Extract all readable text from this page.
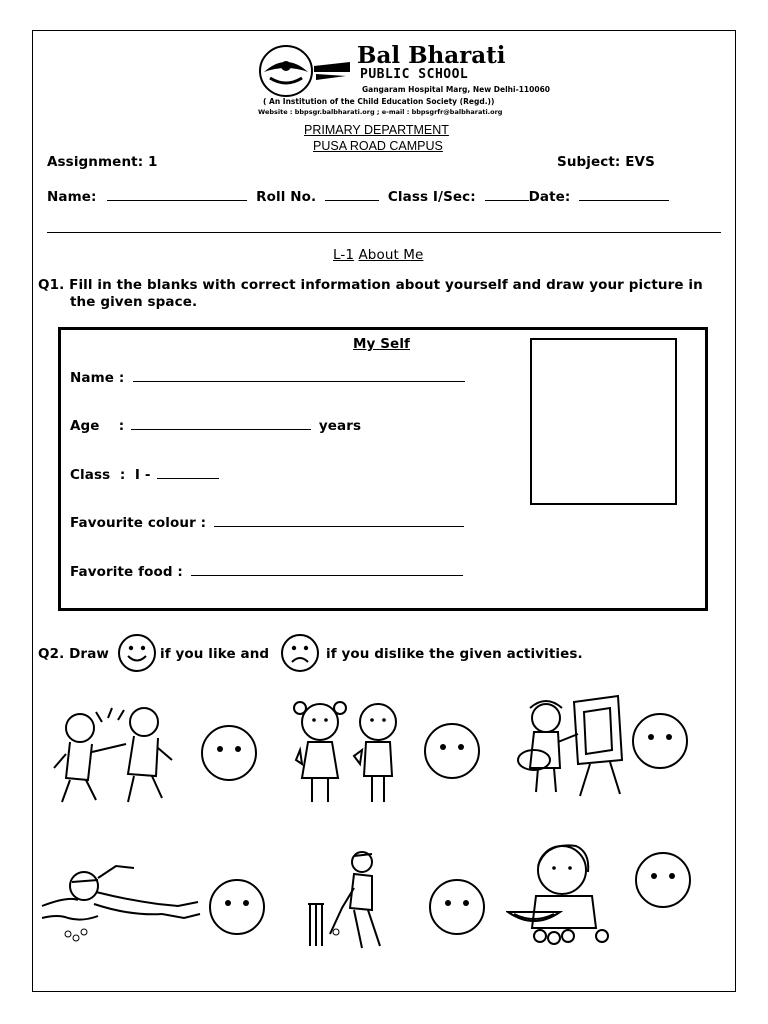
Bal Bharati
PUBLIC SCHOOL
Gangaram Hospital Marg, New Delhi-110060
( An Institution of the Child Education Society (Regd.))
Website : bbpsgr.balbharati.org ; e-mail : bbpsgrfr@balbharati.org
PRIMARY DEPARTMENT
PUSA ROAD CAMPUS
Assignment: 1	Subject: EVS
Name:	Roll No.	Class I/Sec:	Date:
L-1 About Me
Q1. Fill in the blanks with correct information about yourself and draw your picture in
the given space.
My Self
Name :
Age    :	years
Class  :  I -
Favourite colour :
Favorite food :
Q2. Draw	if you like and	if you dislike the given activities.
